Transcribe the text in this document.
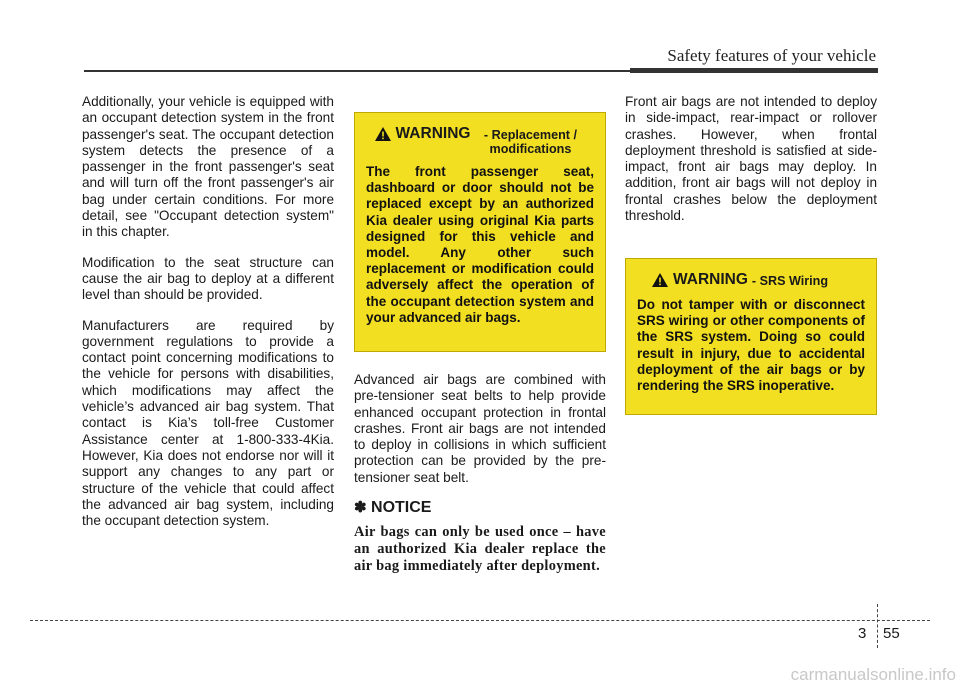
Safety features of your vehicle

Additionally, your vehicle is equipped with an occupant detection system in the front passenger's seat. The occupant detection system detects the presence of a passenger in the front passenger's seat and will turn off the front passenger's air bag under certain conditions. For more detail, see "Occupant detection system" in this chapter.

Modification to the seat structure can cause the air bag to deploy at a different level than should be provided.

Manufacturers are required by government regulations to provide a contact point concerning modifications to the vehicle for persons with disabilities, which modifications may affect the vehicle’s advanced air bag system. That contact is Kia’s toll-free Customer Assistance center at 1-800-333-4Kia. However, Kia does not endorse nor will it support any changes to any part or structure of the vehicle that could affect the advanced air bag system, including the occupant detection system.

WARNING	- Replacement / modifications
The front passenger seat, dashboard or door should not be replaced except by an authorized Kia dealer using original Kia parts designed for this vehicle and model. Any other such replacement or modification could adversely affect the operation of the occupant detection system and your advanced air bags.

Advanced air bags are combined with pre-tensioner seat belts to help provide enhanced occupant protection in frontal crashes. Front air bags are not intended to deploy in collisions in which sufficient protection can be provided by the pre-tensioner seat belt.

✽ NOTICE
Air bags can only be used once – have an authorized Kia dealer replace the air bag immediately after deployment.

Front air bags are not intended to deploy in side-impact, rear-impact or rollover crashes. However, when frontal deployment threshold is satisfied at side-impact, front air bags may deploy. In addition, front air bags will not deploy in frontal crashes below the deployment threshold.

WARNING - SRS Wiring
Do not tamper with or disconnect SRS wiring or other components of the SRS system. Doing so could result in injury, due to accidental deployment of the air bags or by rendering the SRS inoperative.
3 55
carmanualsonline.info
